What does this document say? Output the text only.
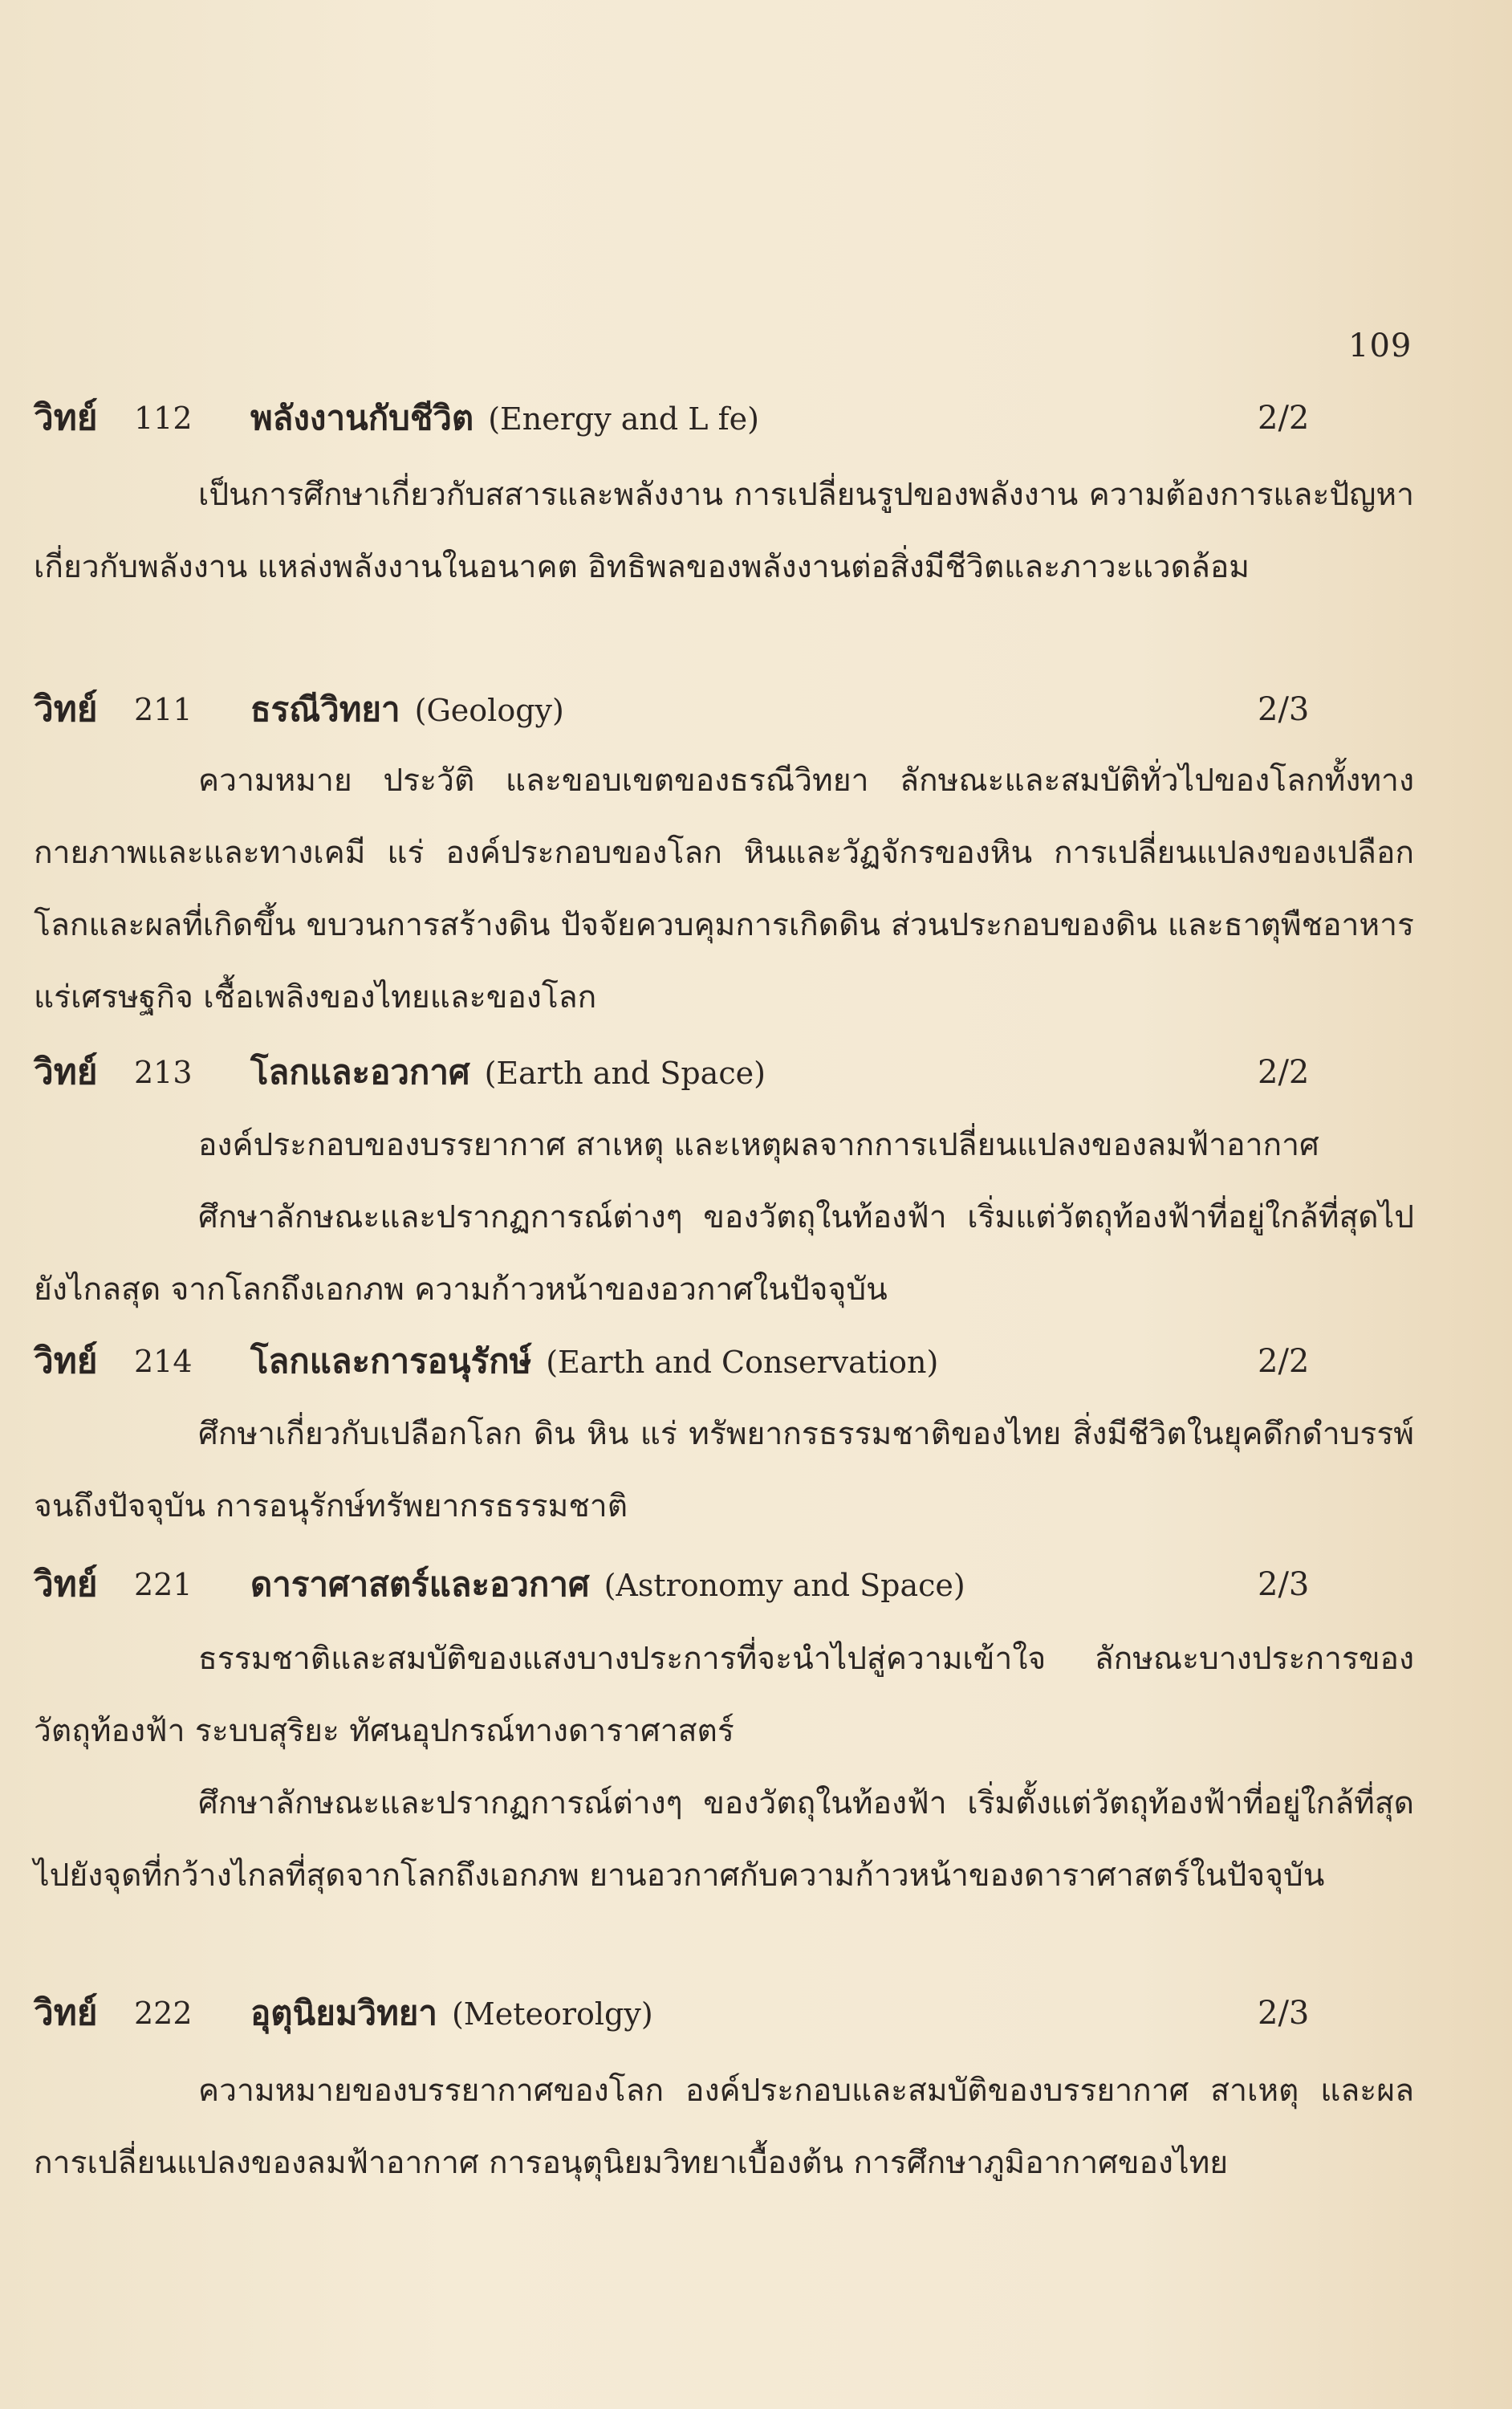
109
วิทย์ 112 พลังงานกับชีวิต (Energy and L fe)	2/2
เป็นการศึกษาเกี่ยวกับสสารและพลังงาน การเปลี่ยนรูปของพลังงาน ความต้องการและปัญหาเกี่ยวกับพลังงาน แหล่งพลังงานในอนาคต อิทธิพลของพลังงานต่อสิ่งมีชีวิตและภาวะแวดล้อม
วิทย์ 211 ธรณีวิทยา (Geology)	2/3
ความหมาย ประวัติ และขอบเขตของธรณีวิทยา ลักษณะและสมบัติทั่วไปของโลกทั้งทางกายภาพและและทางเคมี แร่ องค์ประกอบของโลก หินและวัฏจักรของหิน การเปลี่ยนแปลงของเปลือกโลกและผลที่เกิดขึ้น ขบวนการสร้างดิน ปัจจัยควบคุมการเกิดดิน ส่วนประกอบของดิน และธาตุพืชอาหาร แร่เศรษฐกิจ เชื้อเพลิงของไทยและของโลก
วิทย์ 213 โลกและอวกาศ (Earth and Space)	2/2
องค์ประกอบของบรรยากาศ สาเหตุ และเหตุผลจากการเปลี่ยนแปลงของลมฟ้าอากาศ
ศึกษาลักษณะและปรากฏการณ์ต่างๆ ของวัตถุในท้องฟ้า เริ่มแต่วัตถุท้องฟ้าที่อยู่ใกล้ที่สุดไปยังไกลสุด จากโลกถึงเอกภพ ความก้าวหน้าของอวกาศในปัจจุบัน
วิทย์ 214 โลกและการอนุรักษ์ (Earth and Conservation)	2/2
ศึกษาเกี่ยวกับเปลือกโลก ดิน หิน แร่ ทรัพยากรธรรมชาติของไทย สิ่งมีชีวิตในยุคดึกดำบรรพ์จนถึงปัจจุบัน การอนุรักษ์ทรัพยากรธรรมชาติ
วิทย์ 221 ดาราศาสตร์และอวกาศ (Astronomy and Space)	2/3
ธรรมชาติและสมบัติของแสงบางประการที่จะนำไปสู่ความเข้าใจ ลักษณะบางประการของวัตถุท้องฟ้า ระบบสุริยะ ทัศนอุปกรณ์ทางดาราศาสตร์
ศึกษาลักษณะและปรากฏการณ์ต่างๆ ของวัตถุในท้องฟ้า เริ่มตั้งแต่วัตถุท้องฟ้าที่อยู่ใกล้ที่สุดไปยังจุดที่กว้างไกลที่สุดจากโลกถึงเอกภพ ยานอวกาศกับความก้าวหน้าของดาราศาสตร์ในปัจจุบัน
วิทย์ 222 อุตุนิยมวิทยา (Meteorolgy)	2/3
ความหมายของบรรยากาศของโลก องค์ประกอบและสมบัติของบรรยากาศ สาเหตุ และผลการเปลี่ยนแปลงของลมฟ้าอากาศ การอนุตุนิยมวิทยาเบื้องต้น การศึกษาภูมิอากาศของไทย
